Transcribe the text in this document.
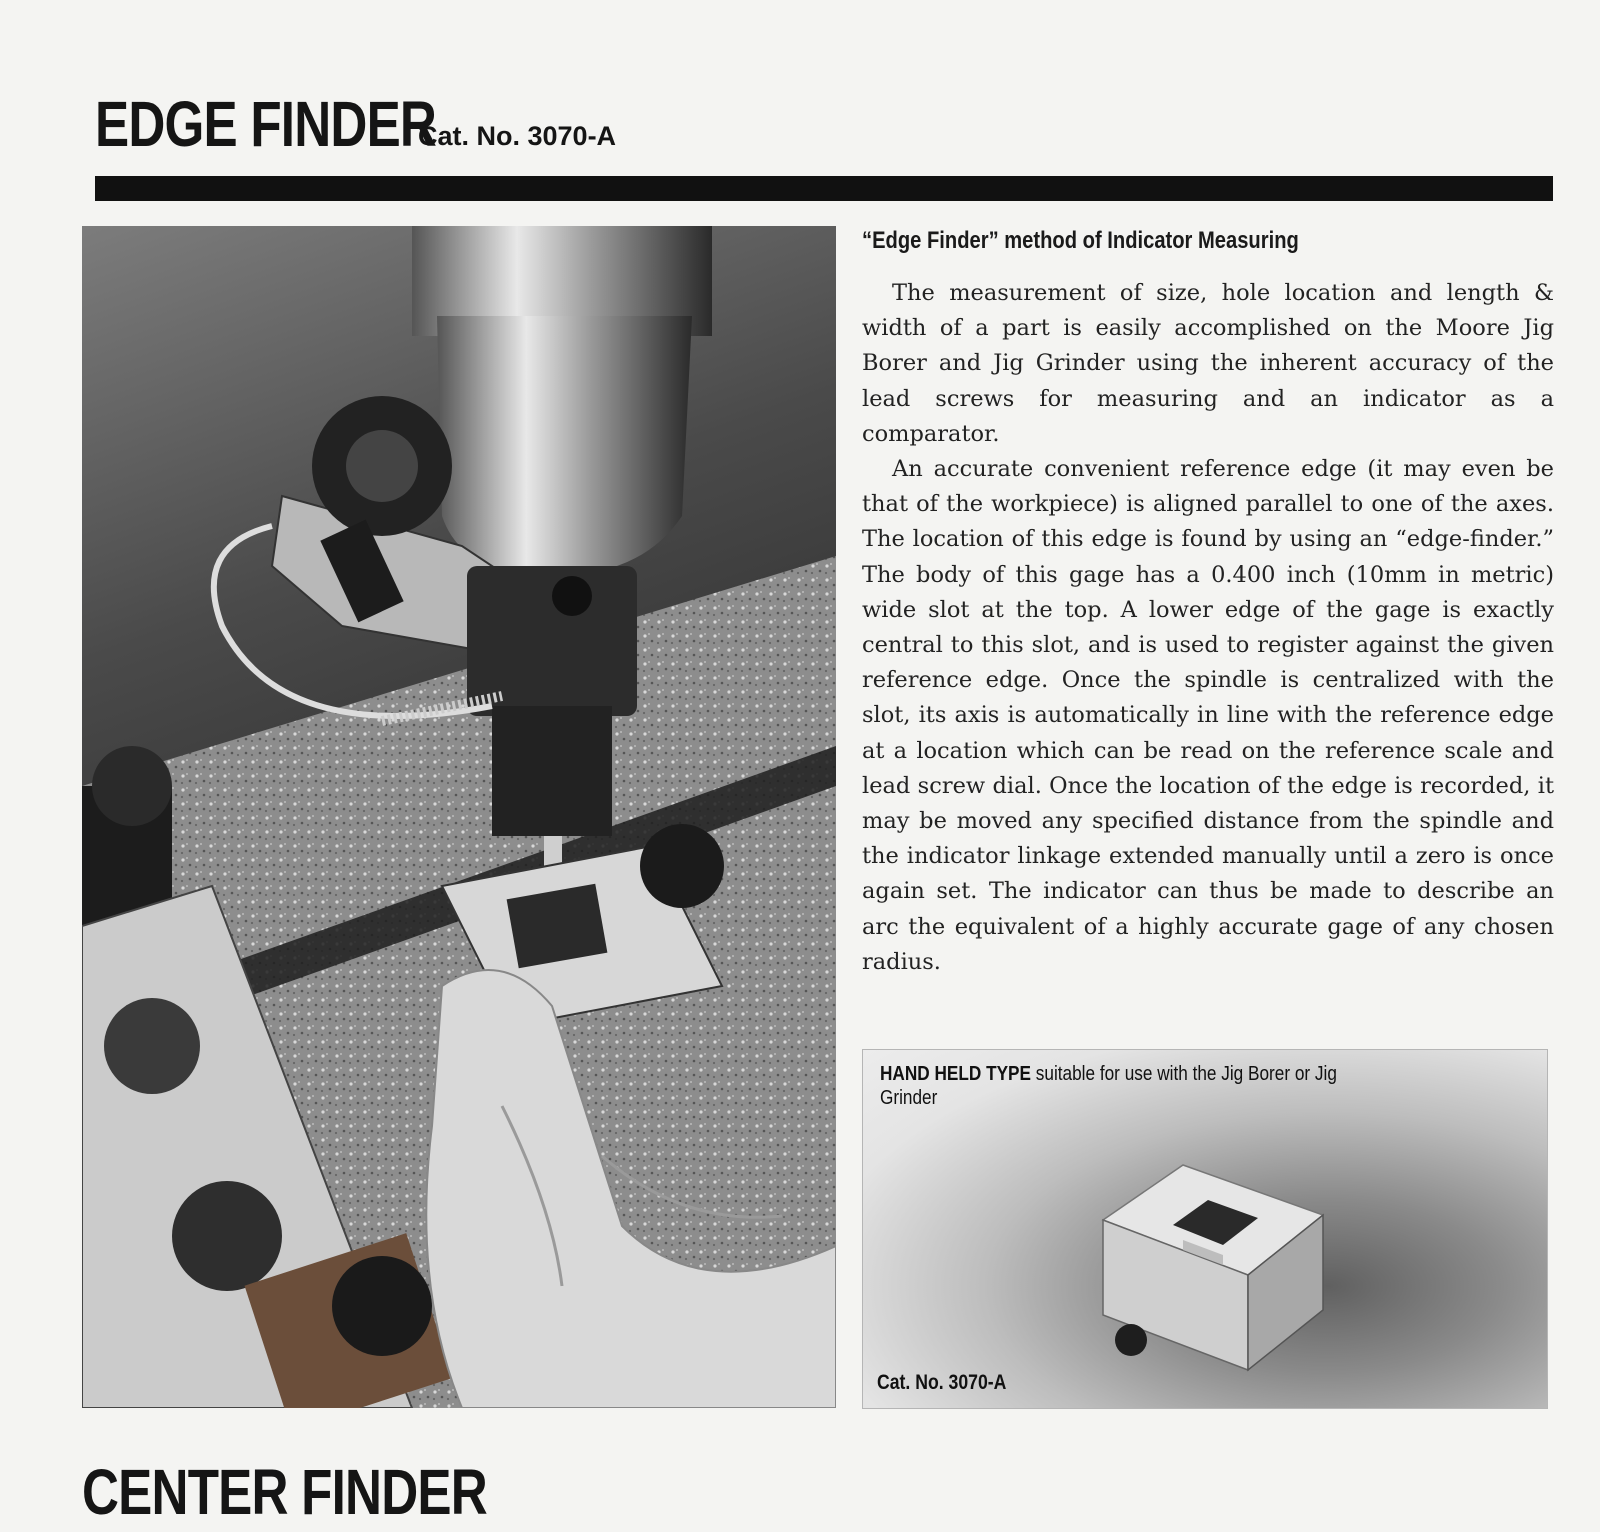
EDGE FINDER
Cat. No. 3070-A
“Edge Finder” method of Indicator Measuring

The measurement of size, hole location and length & width of a part is easily accomplished on the Moore Jig Borer and Jig Grinder using the inherent accuracy of the lead screws for measuring and an indicator as a comparator.

An accurate convenient reference edge (it may even be that of the workpiece) is aligned parallel to one of the axes. The location of this edge is found by using an “edge-finder.” The body of this gage has a 0.400 inch (10mm in metric) wide slot at the top. A lower edge of the gage is exactly central to this slot, and is used to register against the given reference edge. Once the spindle is centralized with the slot, its axis is automatically in line with the reference edge at a location which can be read on the reference scale and lead screw dial. Once the location of the edge is recorded, it may be moved any specified distance from the spindle and the indicator linkage extended manually until a zero is once again set. The indicator can thus be made to describe an arc the equivalent of a highly accurate gage of any chosen radius.

HAND HELD TYPE suitable for use with the Jig Borer or Jig Grinder
Cat. No. 3070-A
CENTER FINDER
